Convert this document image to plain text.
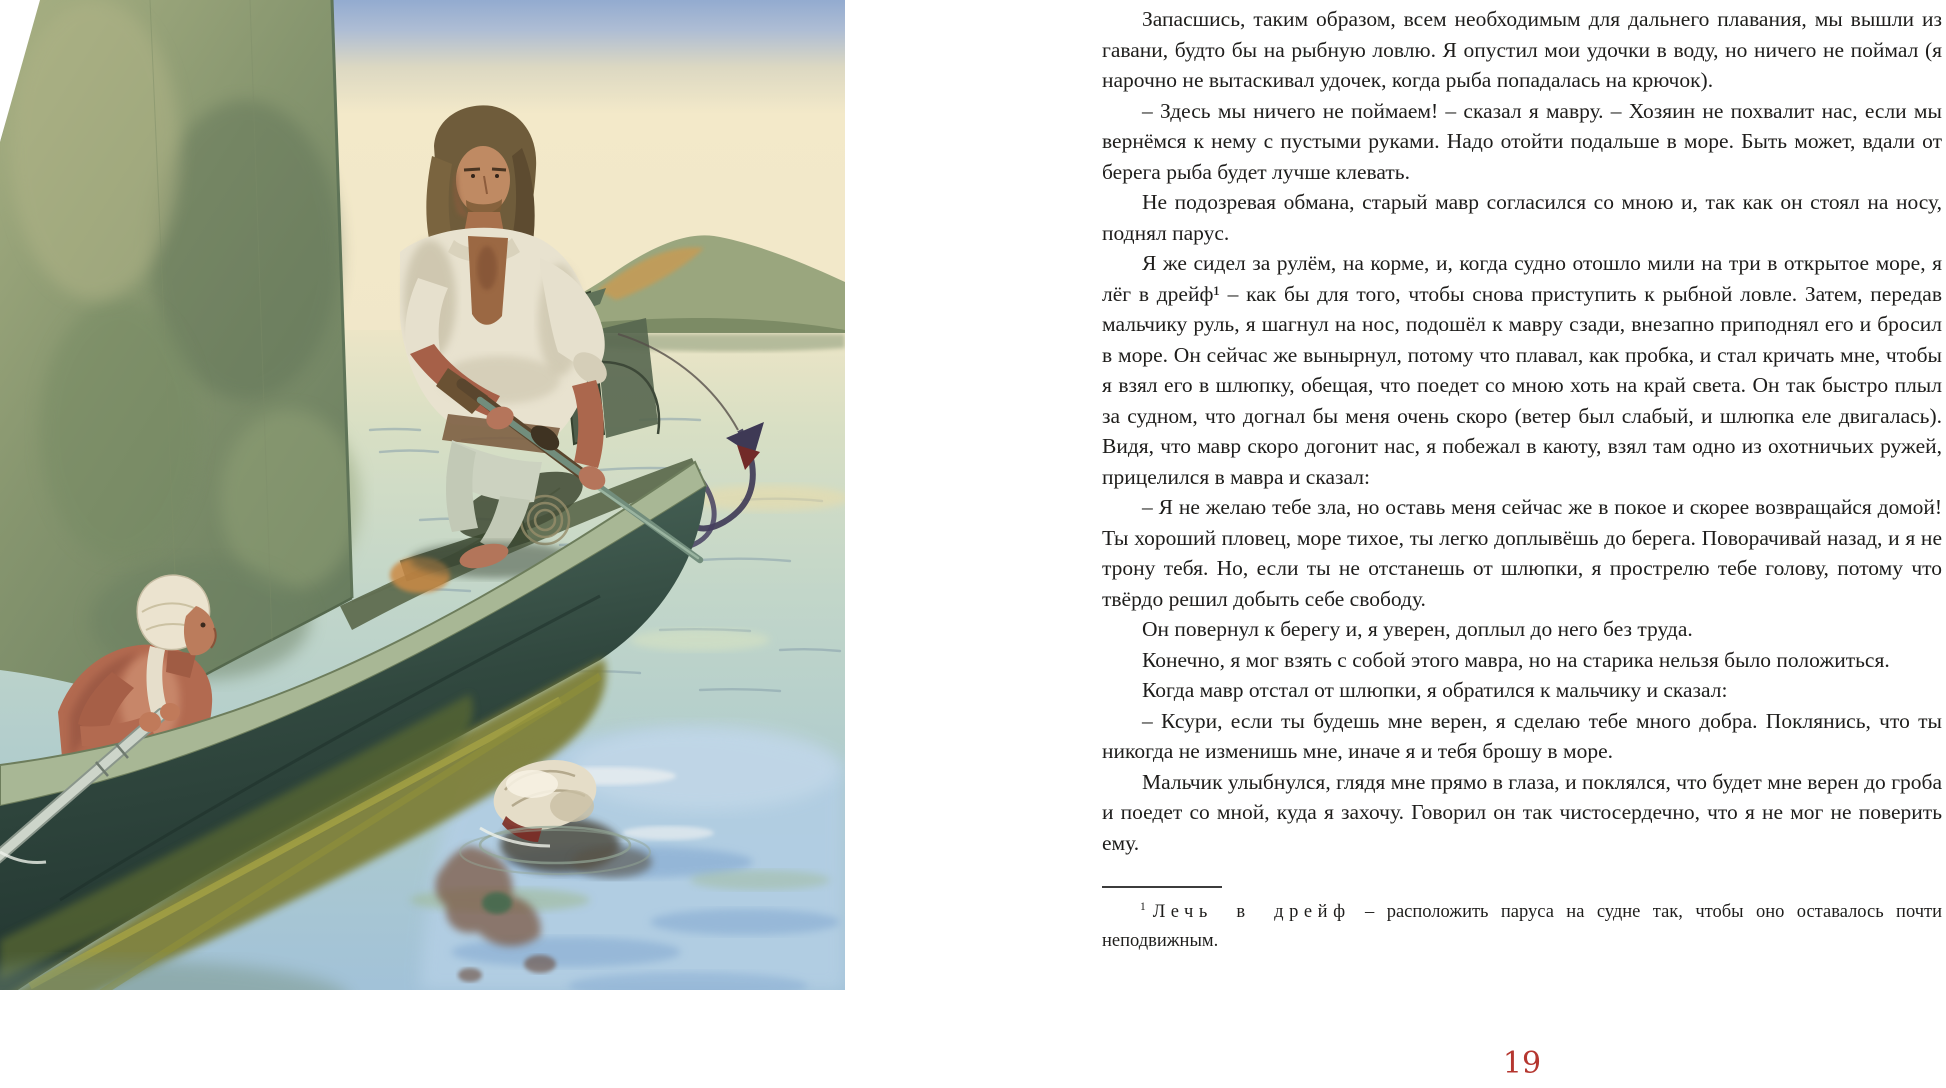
Запасшись, таким образом, всем необходимым для дальнего плавания, мы вышли из гавани, будто бы на рыбную ловлю. Я опустил мои удочки в воду, но ничего не поймал (я нарочно не вытаскивал удочек, когда рыба попадалась на крючок).

– Здесь мы ничего не поймаем! – сказал я мавру. – Хозяин не похвалит нас, если мы вернёмся к нему с пустыми руками. Надо отойти подальше в море. Быть может, вдали от берега рыба будет лучше клевать.

Не подозревая обмана, старый мавр согласился со мною и, так как он стоял на носу, поднял парус.

Я же сидел за рулём, на корме, и, когда судно отошло мили на три в открытое море, я лёг в дрейф¹ – как бы для того, чтобы снова приступить к рыбной ловле. Затем, передав мальчику руль, я шагнул на нос, подошёл к мавру сзади, внезапно приподнял его и бросил в море. Он сейчас же вынырнул, потому что плавал, как пробка, и стал кричать мне, чтобы я взял его в шлюпку, обещая, что поедет со мною хоть на край света. Он так быстро плыл за судном, что догнал бы меня очень скоро (ветер был слабый, и шлюпка еле двигалась). Видя, что мавр скоро догонит нас, я побежал в каюту, взял там одно из охотничьих ружей, прицелился в мавра и сказал:

– Я не желаю тебе зла, но оставь меня сейчас же в покое и скорее возвращайся домой! Ты хороший пловец, море тихое, ты легко доплывёшь до берега. Поворачивай назад, и я не трону тебя. Но, если ты не отстанешь от шлюпки, я прострелю тебе голову, потому что твёрдо решил добыть себе свободу.

Он повернул к берегу и, я уверен, доплыл до него без труда.

Конечно, я мог взять с собой этого мавра, но на старика нельзя было положиться.

Когда мавр отстал от шлюпки, я обратился к мальчику и сказал:

– Ксури, если ты будешь мне верен, я сделаю тебе много добра. Поклянись, что ты никогда не изменишь мне, иначе я и тебя брошу в море.

Мальчик улыбнулся, глядя мне прямо в глаза, и поклялся, что будет мне верен до гроба и поедет со мной, куда я захочу. Говорил он так чистосердечно, что я не мог не поверить ему.

$^1$ Лечь в дрейф – расположить паруса на судне так, чтобы оно оставалось почти неподвижным.

19
